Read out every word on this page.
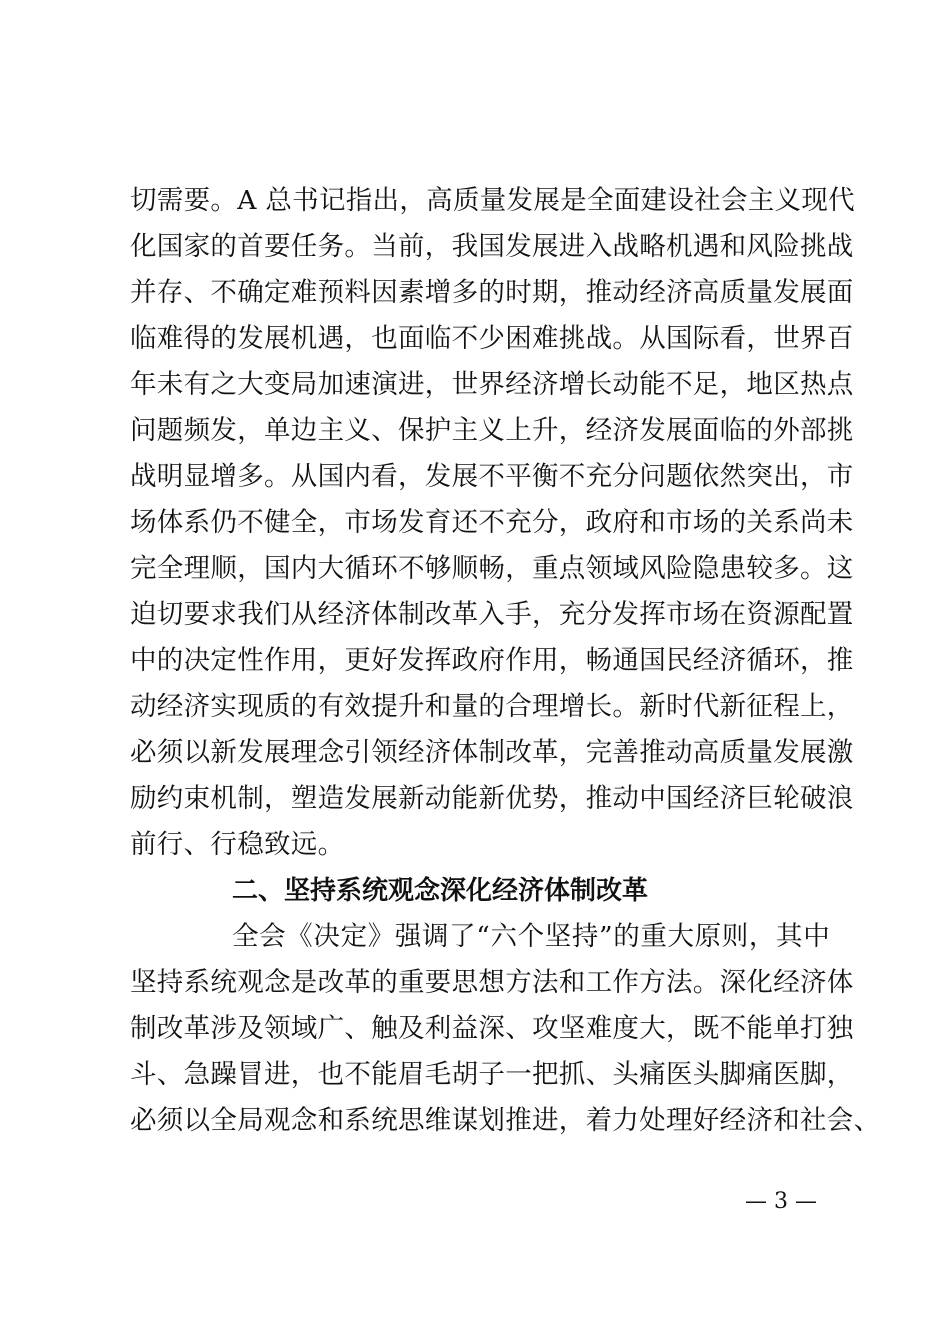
切需要。A 总书记指出，高质量发展是全面建设社会主义现代

化国家的首要任务。当前，我国发展进入战略机遇和风险挑战

并存、不确定难预料因素增多的时期，推动经济高质量发展面

临难得的发展机遇，也面临不少困难挑战。从国际看，世界百

年未有之大变局加速演进，世界经济增长动能不足，地区热点

问题频发，单边主义、保护主义上升，经济发展面临的外部挑

战明显增多。从国内看，发展不平衡不充分问题依然突出，市

场体系仍不健全，市场发育还不充分，政府和市场的关系尚未

完全理顺，国内大循环不够顺畅，重点领域风险隐患较多。这

迫切要求我们从经济体制改革入手，充分发挥市场在资源配置

中的决定性作用，更好发挥政府作用，畅通国民经济循环，推

动经济实现质的有效提升和量的合理增长。新时代新征程上，

必须以新发展理念引领经济体制改革，完善推动高质量发展激

励约束机制，塑造发展新动能新优势，推动中国经济巨轮破浪

前行、行稳致远。

二、坚持系统观念深化经济体制改革

全会《决定》强调了“六个坚持”的重大原则，其中

坚持系统观念是改革的重要思想方法和工作方法。深化经济体

制改革涉及领域广、触及利益深、攻坚难度大，既不能单打独

斗、急躁冒进，也不能眉毛胡子一把抓、头痛医头脚痛医脚，

必须以全局观念和系统思维谋划推进，着力处理好经济和社会、

— 3 —
